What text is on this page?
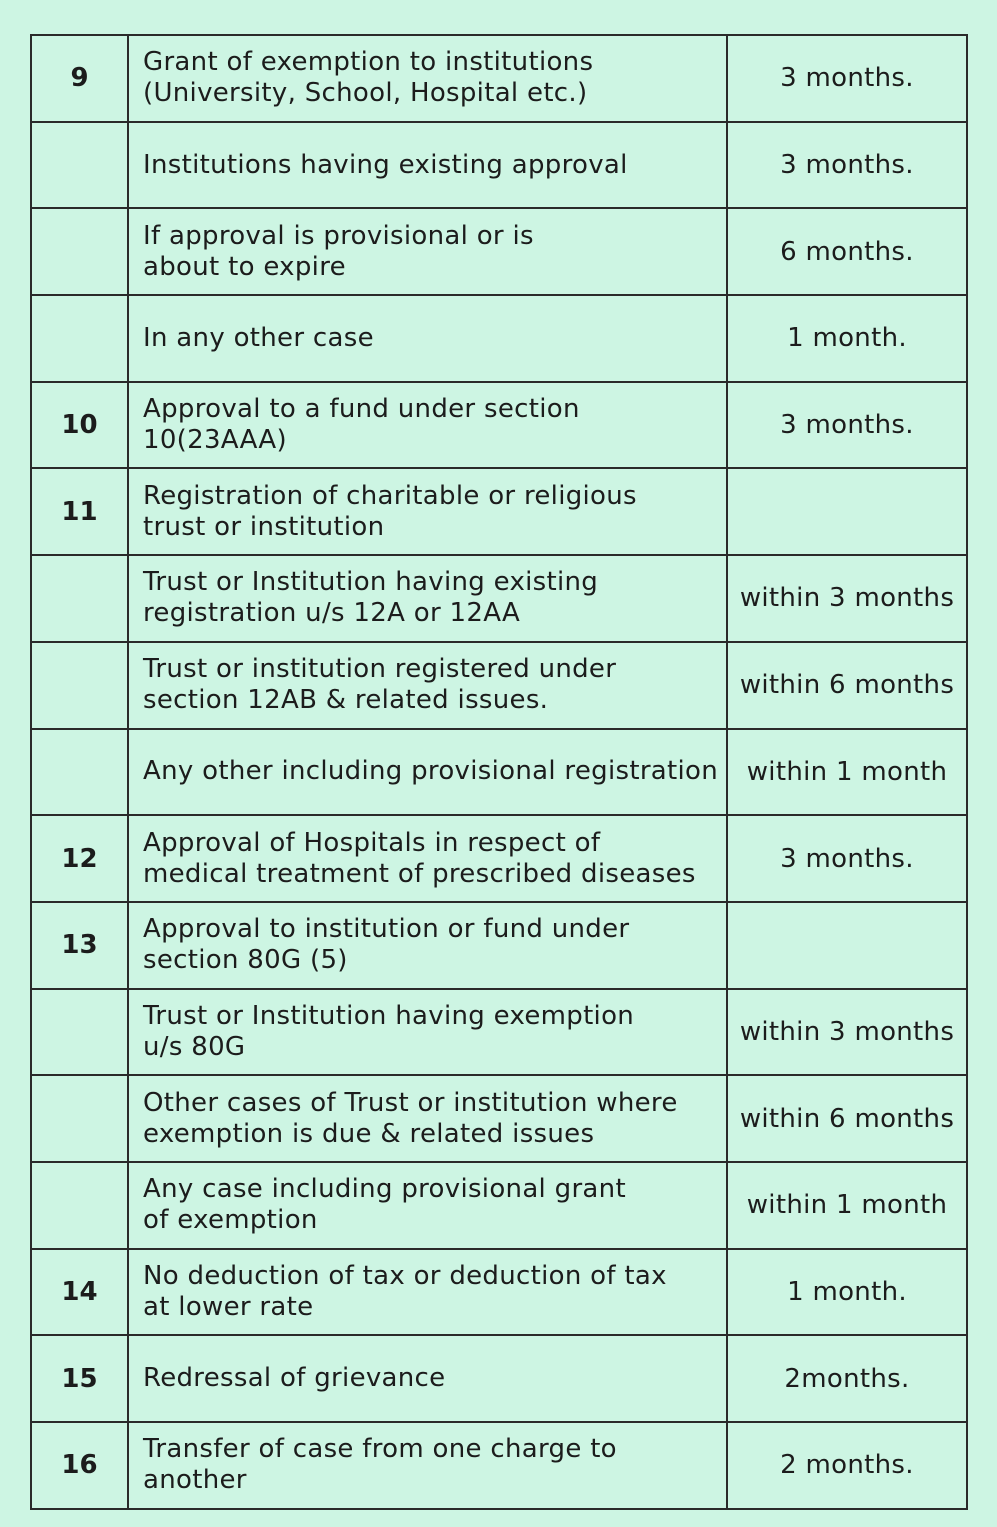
9	Grant of exemption to institutions
(University, School, Hospital etc.)	3 months.
	Institutions having existing approval	3 months.
	If approval is provisional or is
about to expire	6 months.
	In any other case	1 month.
10	Approval to a fund under section 10(23AAA)	3 months.
11	Registration of charitable or religious
trust or institution	
	Trust or Institution having existing
registration u/s 12A or 12AA	within 3 months
	Trust or institution registered under
section 12AB & related issues.	within 6 months
	Any other including provisional registration	within 1 month
12	Approval of Hospitals in respect of
medical treatment of prescribed diseases	3 months.
13	Approval to institution or fund under
section 80G (5)	
	Trust or Institution having exemption
u/s 80G	within 3 months
	Other cases of Trust or institution where
exemption is due & related issues	within 6 months
	Any case including provisional grant
of exemption	within 1 month
14	No deduction of tax or deduction of tax
at lower rate	1 month.
15	Redressal of grievance	2months.
16	Transfer of case from one charge to another	2 months.
